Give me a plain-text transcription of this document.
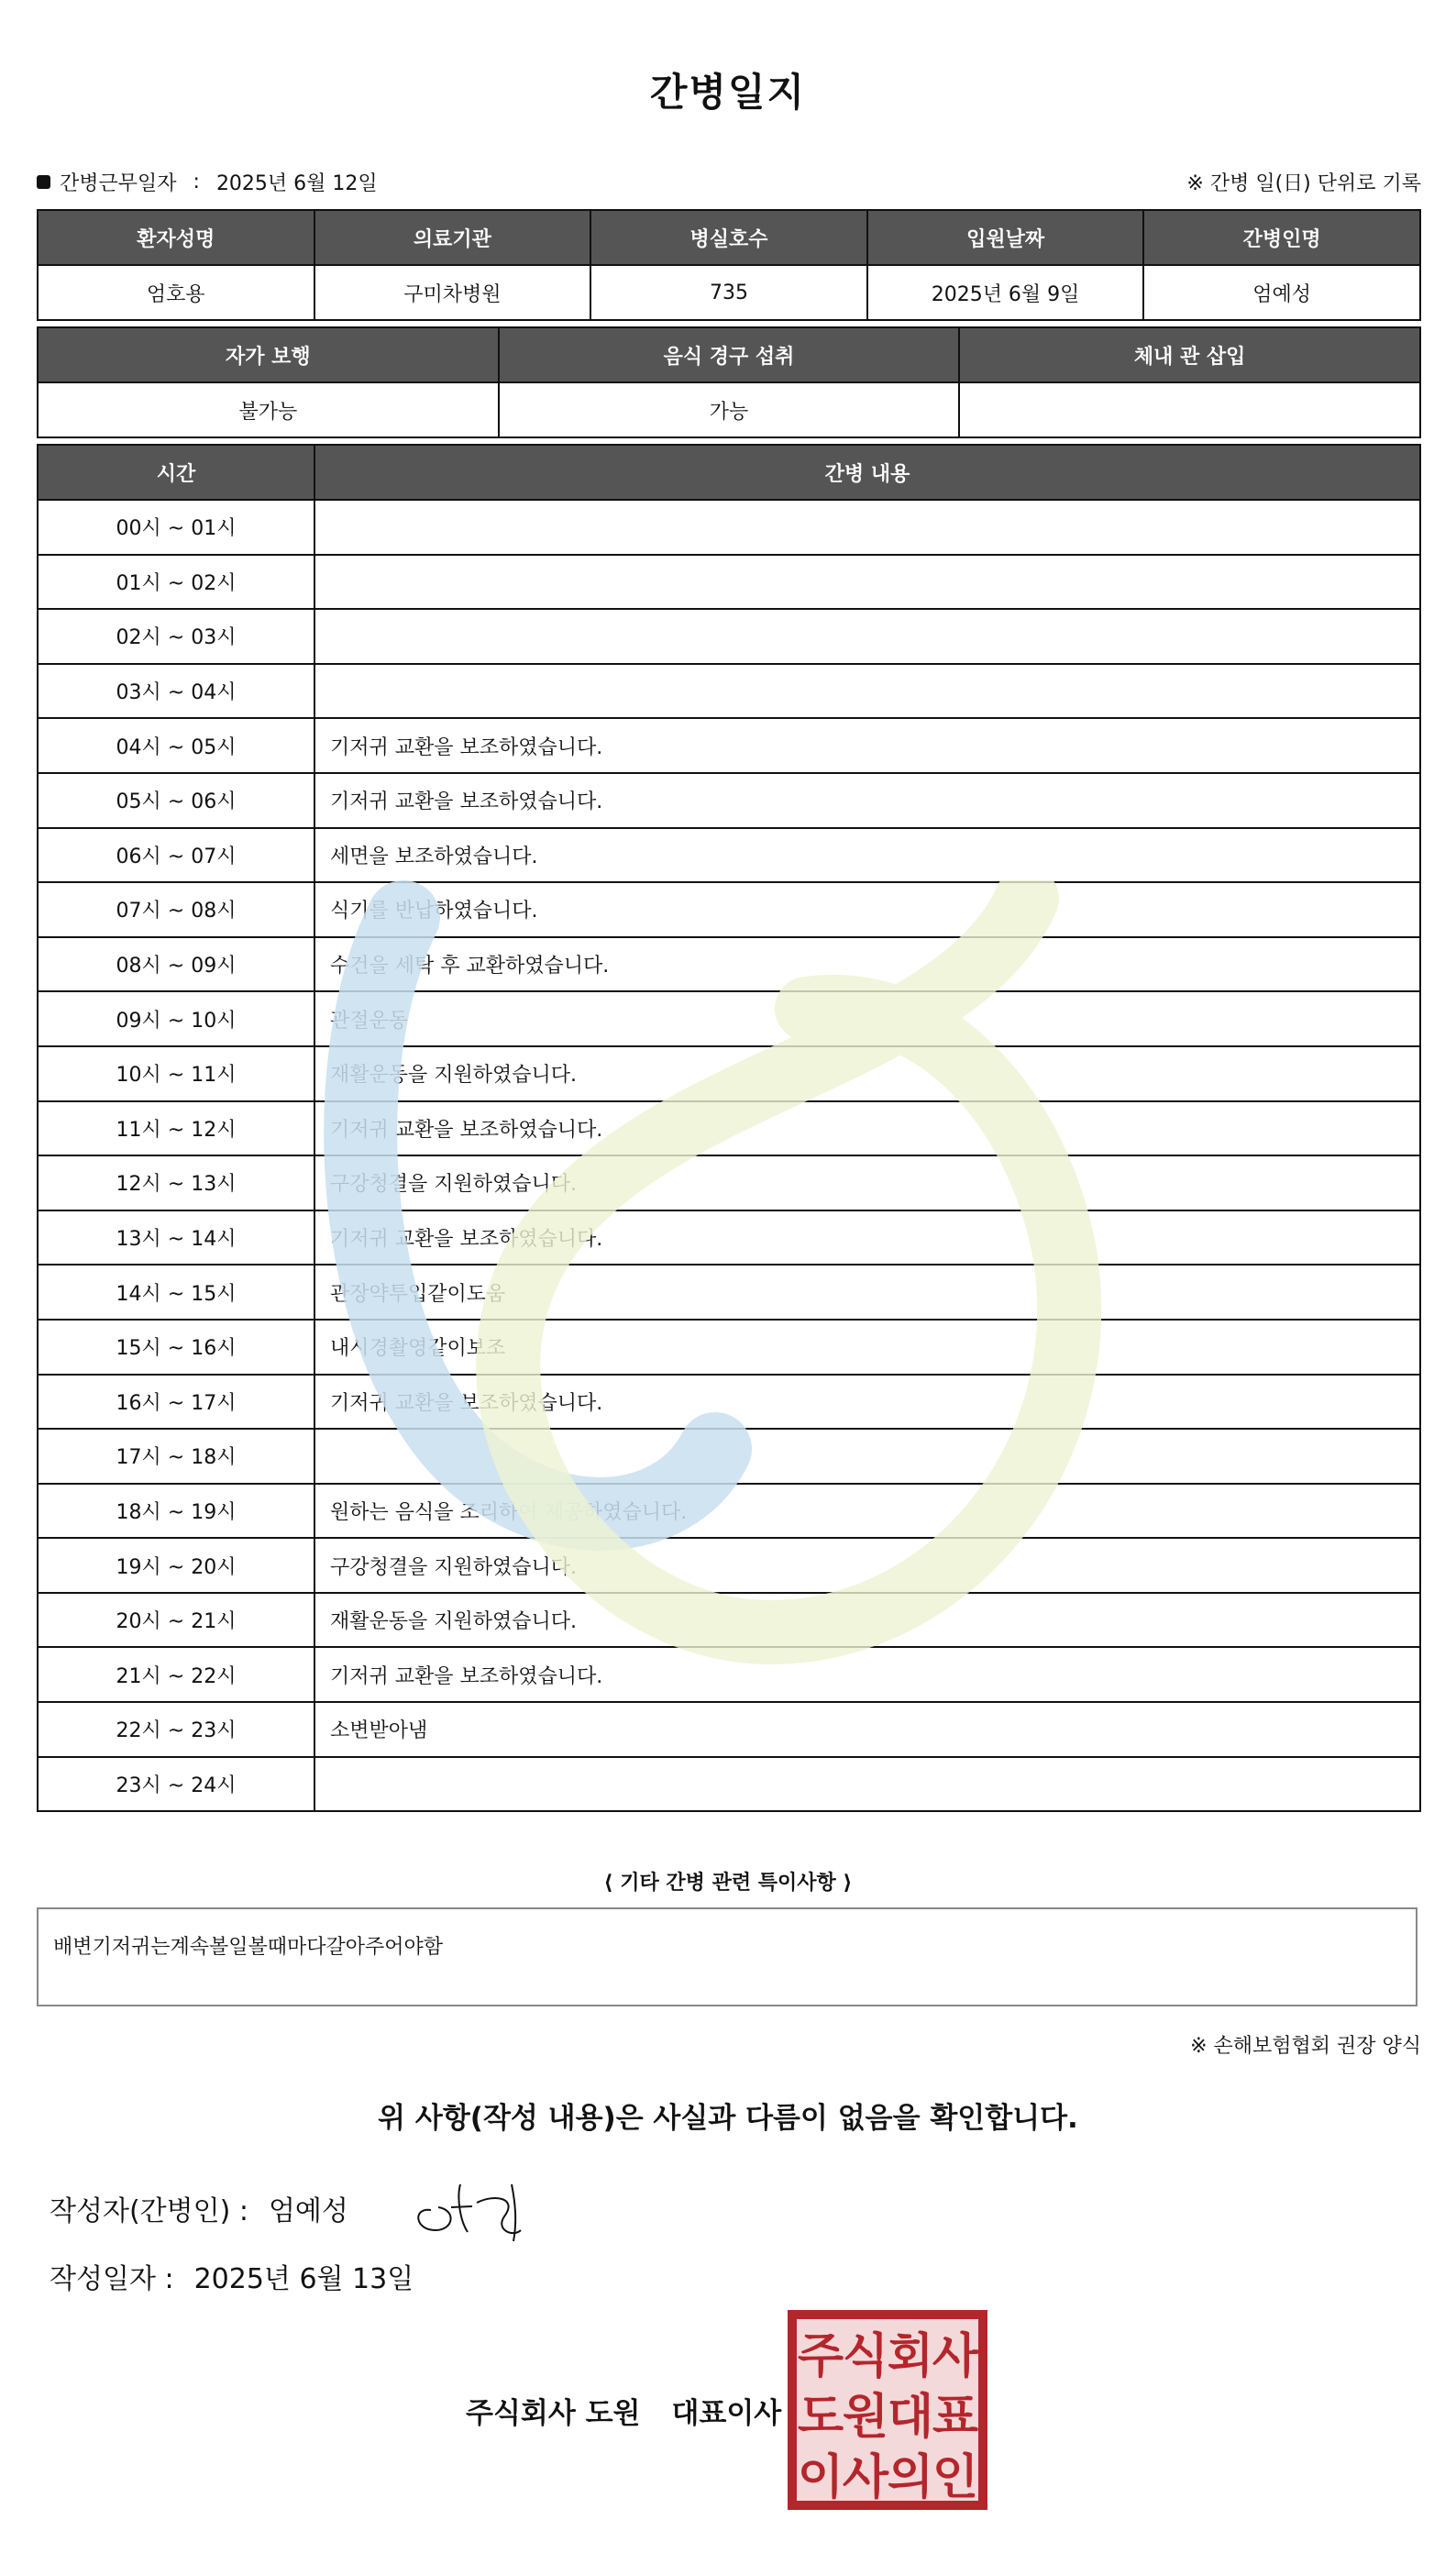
간병일지
간병근무일자 : 2025년 6월 12일	※ 간병 일(日) 단위로 기록
환자성명	의료기관	병실호수	입원날짜	간병인명
엄호용	구미차병원	735	2025년 6월 9일	엄예성
자가 보행	음식 경구 섭취	체내 관 삽입
불가능	가능	
시간	간병 내용
00시 ~ 01시	
01시 ~ 02시	
02시 ~ 03시	
03시 ~ 04시	
04시 ~ 05시	기저귀 교환을 보조하였습니다.
05시 ~ 06시	기저귀 교환을 보조하였습니다.
06시 ~ 07시	세면을 보조하였습니다.
07시 ~ 08시	식기를 반납하였습니다.
08시 ~ 09시	수건을 세탁 후 교환하였습니다.
09시 ~ 10시	관절운동
10시 ~ 11시	재활운동을 지원하였습니다.
11시 ~ 12시	기저귀 교환을 보조하였습니다.
12시 ~ 13시	구강청결을 지원하였습니다.
13시 ~ 14시	기저귀 교환을 보조하였습니다.
14시 ~ 15시	관장약투입같이도움
15시 ~ 16시	내시경촬영같이보조
16시 ~ 17시	기저귀 교환을 보조하였습니다.
17시 ~ 18시	
18시 ~ 19시	원하는 음식을 조리하여 제공하였습니다.
19시 ~ 20시	구강청결을 지원하였습니다.
20시 ~ 21시	재활운동을 지원하였습니다.
21시 ~ 22시	기저귀 교환을 보조하였습니다.
22시 ~ 23시	소변받아냄
23시 ~ 24시	
⟨ 기타 간병 관련 특이사항 ⟩
배변기저귀는계속볼일볼때마다갈아주어야함
※ 손해보험협회 권장 양식
위 사항(작성 내용)은 사실과 다름이 없음을 확인합니다.
작성자(간병인) : 엄예성
작성일자 : 2025년 6월 13일
주식회사 도원 대표이사
주
식
회
사
도
원
대
표
이
사
의
인
